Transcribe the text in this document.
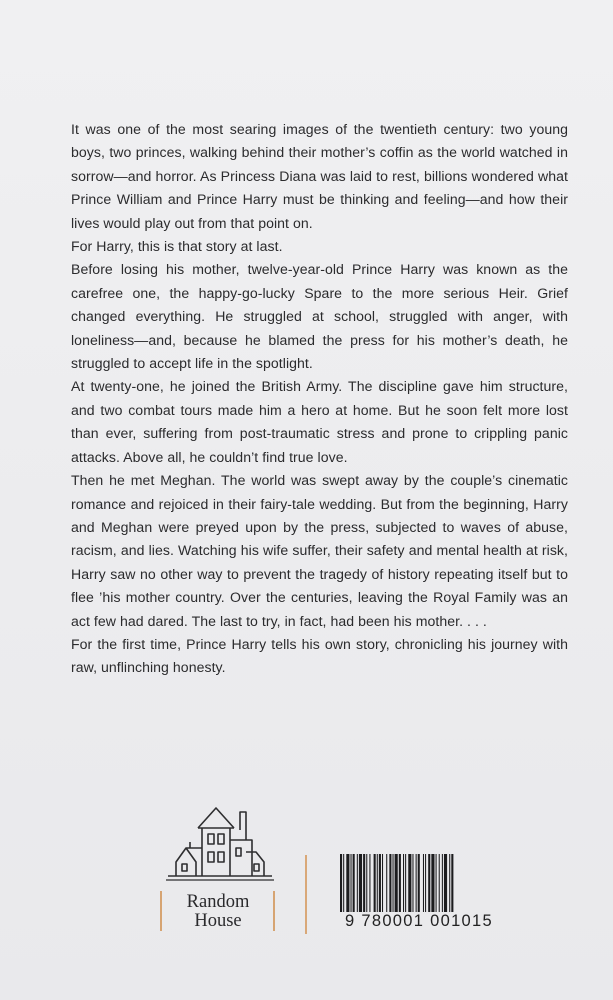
It was one of the most searing images of the twentieth century: two young boys, two princes, walking behind their mother’s coffin as the world watched in sorrow—and horror. As Princess Diana was laid to rest, billions wondered what Prince William and Prince Harry must be thinking and feeling—and how their lives would play out from that point on.

For Harry, this is that story at last.

Before losing his mother, twelve-year-old Prince Harry was known as the carefree one, the happy-go-lucky Spare to the more serious Heir. Grief changed everything. He struggled at school, struggled with anger, with loneliness—and, because he blamed the press for his mother’s death, he struggled to accept life in the spotlight.

At twenty-one, he joined the British Army. The discipline gave him structure, and two combat tours made him a hero at home. But he soon felt more lost than ever, suffering from post-traumatic stress and prone to crippling panic attacks. Above all, he couldn’t find true love.

Then he met Meghan. The world was swept away by the couple’s cinematic romance and rejoiced in their fairy-tale wedding. But from the beginning, Harry and Meghan were preyed upon by the press, subjected to waves of abuse, racism, and lies. Watching his wife suffer, their safety and mental health at risk, Harry saw no other way to prevent the tragedy of history repeating itself but to flee ’his mother country. Over the centuries, leaving the Royal Family was an act few had dared. The last to try, in fact, had been his mother. . . .

For the first time, Prince Harry tells his own story, chronicling his journey with raw, unflinching honesty.

Random
House	9 780001 001015
